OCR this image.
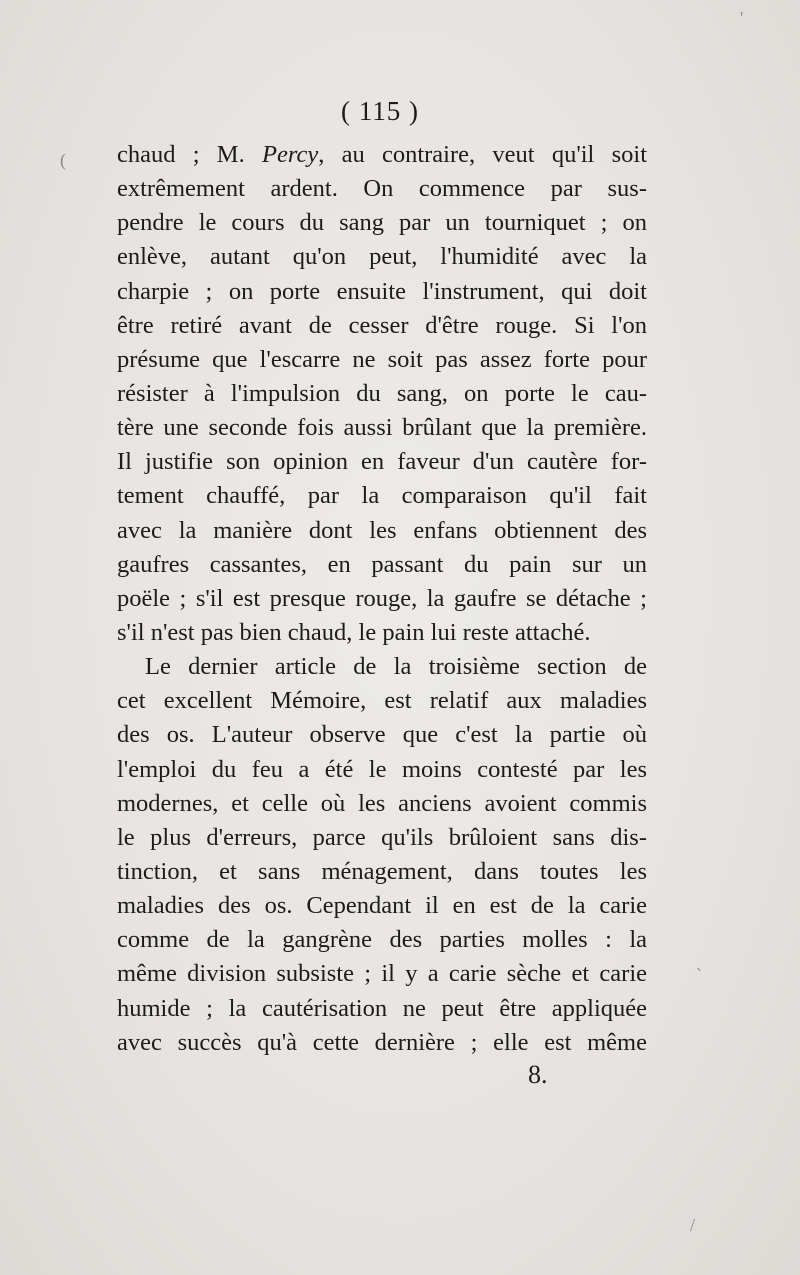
( 115 )
chaud ; M. Percy, au contraire, veut qu'il soit
extrêmement ardent. On commence par sus-
pendre le cours du sang par un tourniquet ; on
enlève, autant qu'on peut, l'humidité avec la
charpie ; on porte ensuite l'instrument, qui doit
être retiré avant de cesser d'être rouge. Si l'on
présume que l'escarre ne soit pas assez forte pour
résister à l'impulsion du sang, on porte le cau-
tère une seconde fois aussi brûlant que la première.
Il justifie son opinion en faveur d'un cautère for-
tement chauffé, par la comparaison qu'il fait
avec la manière dont les enfans obtiennent des
gaufres cassantes, en passant du pain sur un
poële ; s'il est presque rouge, la gaufre se détache ;
s'il n'est pas bien chaud, le pain lui reste attaché.
Le dernier article de la troisième section de
cet excellent Mémoire, est relatif aux maladies
des os. L'auteur observe que c'est la partie où
l'emploi du feu a été le moins contesté par les
modernes, et celle où les anciens avoient commis
le plus d'erreurs, parce qu'ils brûloient sans dis-
tinction, et sans ménagement, dans toutes les
maladies des os. Cependant il en est de la carie
comme de la gangrène des parties molles : la
même division subsiste ; il y a carie sèche et carie
humide ; la cautérisation ne peut être appliquée
avec succès qu'à cette dernière ; elle est même
8.
(
'
`
/
